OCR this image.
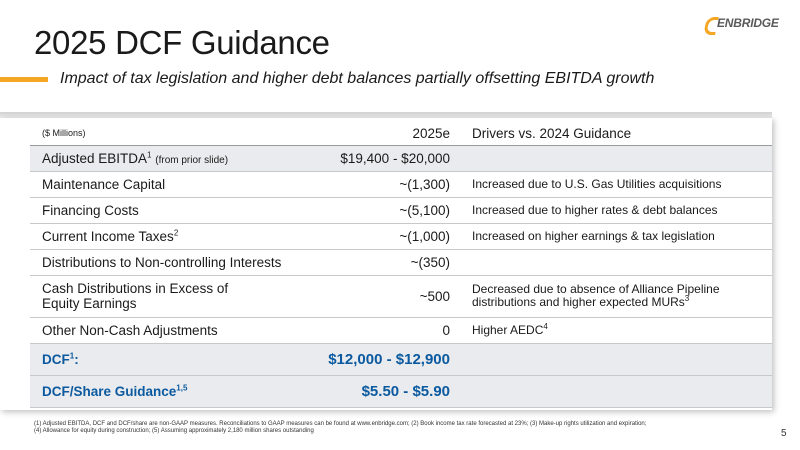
ENBRIDGE
2025 DCF Guidance
Impact of tax legislation and higher debt balances partially offsetting EBITDA growth
($ Millions)	2025e	Drivers vs. 2024 Guidance
Adjusted EBITDA$^1$ (from prior slide)	$19,400 - $20,000	
Maintenance Capital	~(1,300)	Increased due to U.S. Gas Utilities acquisitions
Financing Costs	~(5,100)	Increased due to higher rates & debt balances
Current Income Taxes$^2$	~(1,000)	Increased on higher earnings & tax legislation
Distributions to Non-controlling Interests	~(350)	
Cash Distributions in Excess of
Equity Earnings	~500	Decreased due to absence of Alliance Pipeline
distributions and higher expected MURs$^3$
Other Non-Cash Adjustments	0	Higher AEDC$^4$
DCF$^1$:	$12,000 - $12,900	
DCF/Share Guidance$^{1,5}$	$5.50 - $5.90	
(1) Adjusted EBITDA, DCF and DCF/share are non-GAAP measures. Reconciliations to GAAP measures can be found at www.enbridge.com; (2) Book income tax rate forecasted at 23%; (3) Make-up rights utilization and expiration;
(4) Allowance for equity during construction; (5) Assuming approximately 2,180 million shares outstanding	5
